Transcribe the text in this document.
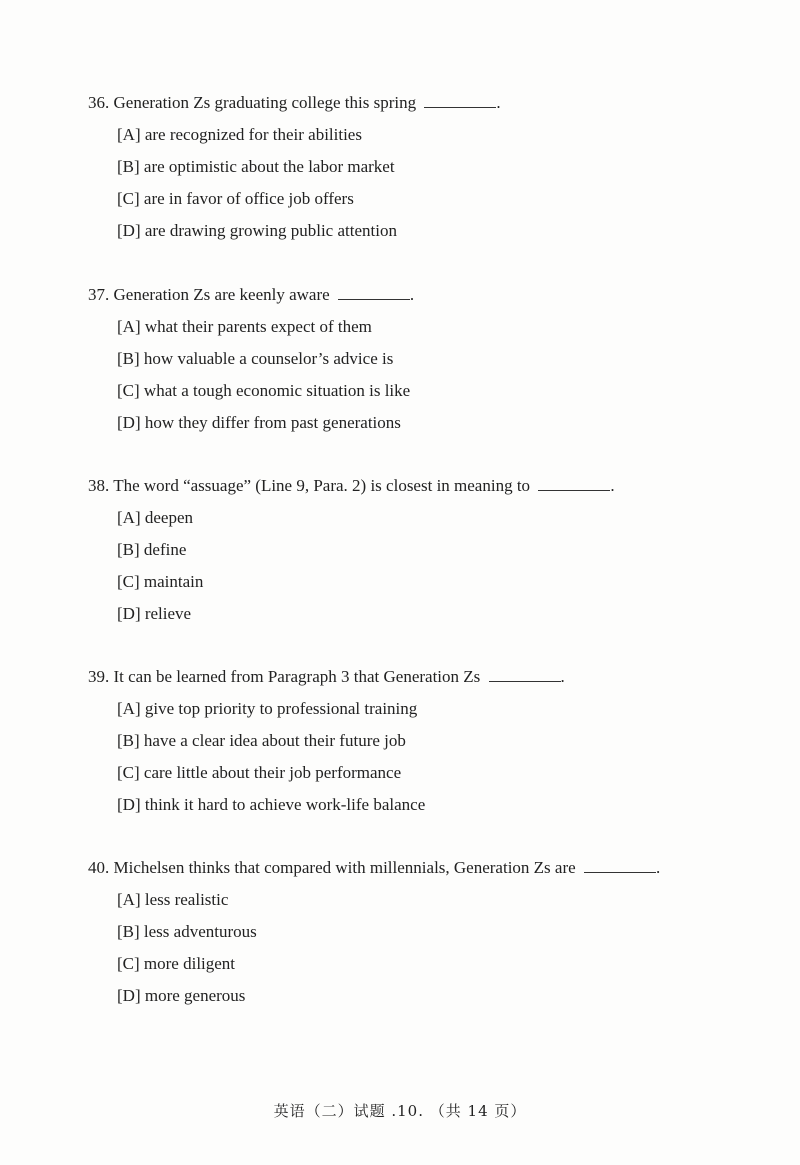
36. Generation Zs graduating college this spring	.
[A] are recognized for their abilities
[B] are optimistic about the labor market
[C] are in favor of office job offers
[D] are drawing growing public attention
37. Generation Zs are keenly aware	.
[A] what their parents expect of them
[B] how valuable a counselor’s advice is
[C] what a tough economic situation is like
[D] how they differ from past generations
38. The word “assuage” (Line 9, Para. 2) is closest in meaning to	.
[A] deepen
[B] define
[C] maintain
[D] relieve
39. It can be learned from Paragraph 3 that Generation Zs	.
[A] give top priority to professional training
[B] have a clear idea about their future job
[C] care little about their job performance
[D] think it hard to achieve work-life balance
40. Michelsen thinks that compared with millennials, Generation Zs are	.
[A] less realistic
[B] less adventurous
[C] more diligent
[D] more generous
英语（二）试题 .10. （共 14 页）
